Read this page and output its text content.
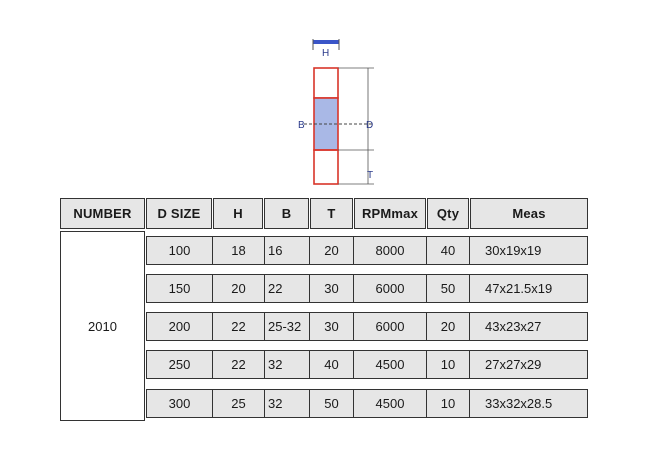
H
B	D
T
NUMBER	D SIZE	H	B	T	RPMmax	Qty	Meas
2010
100	18	16	20	8000	40	30x19x19
150	20	22	30	6000	50	47x21.5x19
200	22	25-32	30	6000	20	43x23x27
250	22	32	40	4500	10	27x27x29
300	25	32	50	4500	10	33x32x28.5
